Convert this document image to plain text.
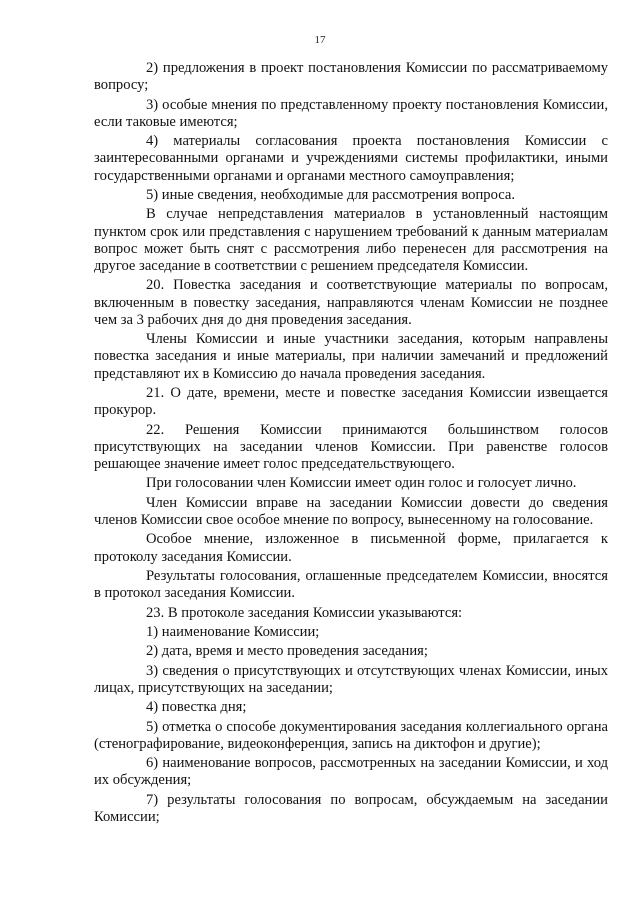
17

2) предложения в проект постановления Комиссии по рассматриваемому вопросу;

3) особые мнения по представленному проекту постановления Комиссии, если таковые имеются;

4) материалы согласования проекта постановления Комиссии с заинтересованными органами и учреждениями системы профилактики, иными государственными органами и органами местного самоуправления;

5) иные сведения, необходимые для рассмотрения вопроса.

В случае непредставления материалов в установленный настоящим пунктом срок или представления с нарушением требований к данным материалам вопрос может быть снят с рассмотрения либо перенесен для рассмотрения на другое заседание в соответствии с решением председателя Комиссии.

20. Повестка заседания и соответствующие материалы по вопросам, включенным в повестку заседания, направляются членам Комиссии не позднее чем за 3 рабочих дня до дня проведения заседания.

Члены Комиссии и иные участники заседания, которым направлены повестка заседания и иные материалы, при наличии замечаний и предложений представляют их в Комиссию до начала проведения заседания.

21. О дате, времени, месте и повестке заседания Комиссии извещается прокурор.

22. Решения Комиссии принимаются большинством голосов присутствующих на заседании членов Комиссии. При равенстве голосов решающее значение имеет голос председательствующего.

При голосовании член Комиссии имеет один голос и голосует лично.

Член Комиссии вправе на заседании Комиссии довести до сведения членов Комиссии свое особое мнение по вопросу, вынесенному на голосование.

Особое мнение, изложенное в письменной форме, прилагается к протоколу заседания Комиссии.

Результаты голосования, оглашенные председателем Комиссии, вносятся в протокол заседания Комиссии.

23. В протоколе заседания Комиссии указываются:

1) наименование Комиссии;

2) дата, время и место проведения заседания;

3) сведения о присутствующих и отсутствующих членах Комиссии, иных лицах, присутствующих на заседании;

4) повестка дня;

5) отметка о способе документирования заседания коллегиального органа (стенографирование, видеоконференция, запись на диктофон и другие);

6) наименование вопросов, рассмотренных на заседании Комиссии, и ход их обсуждения;

7) результаты голосования по вопросам, обсуждаемым на заседании Комиссии;
